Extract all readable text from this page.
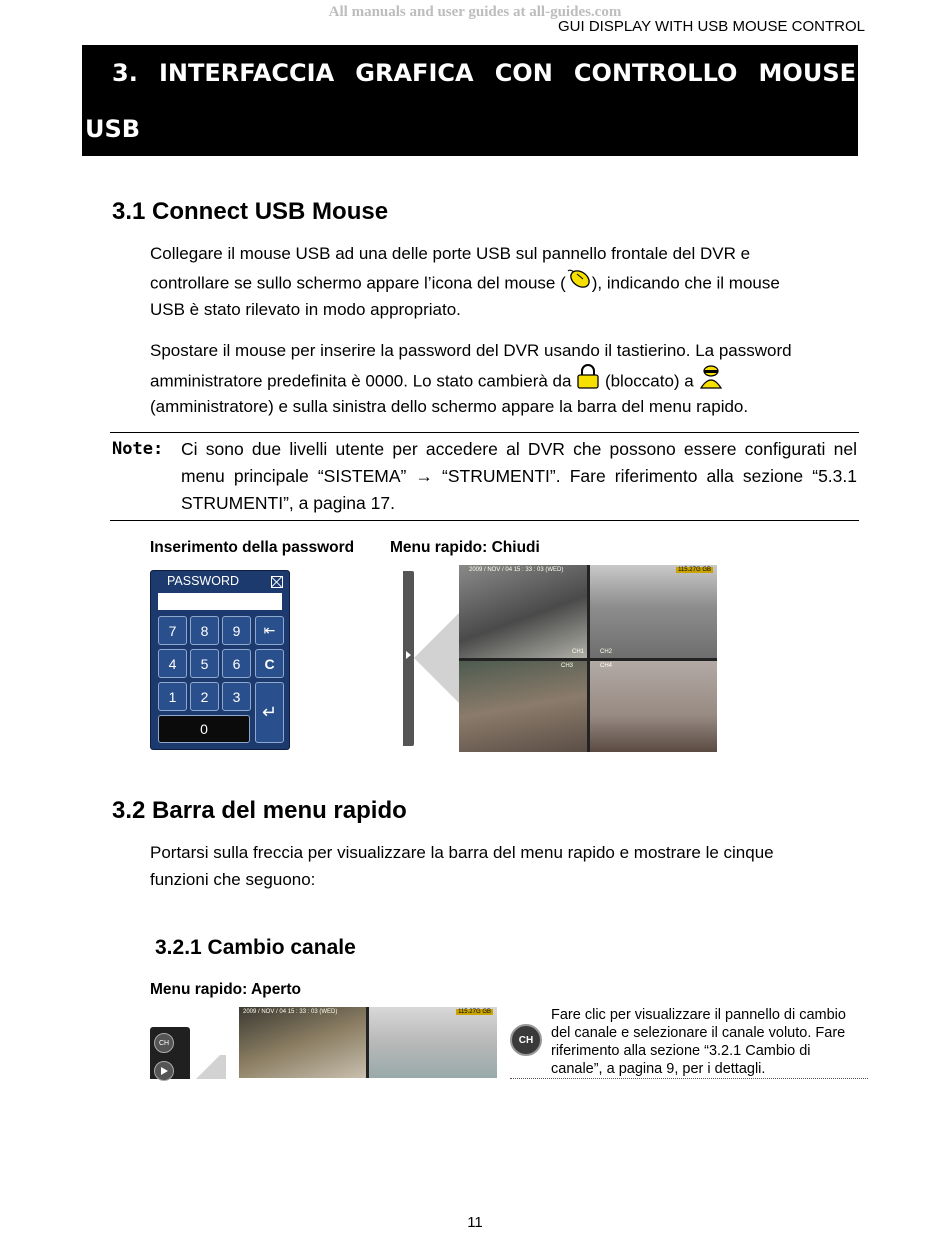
All manuals and user guides at all-guides.com
GUI DISPLAY WITH USB MOUSE CONTROL
3. INTERFACCIA GRAFICA CON CONTROLLO MOUSE
USB
3.1 Connect USB Mouse
Collegare il mouse USB ad una delle porte USB sul pannello frontale del DVR e
controllare se sullo schermo appare l’icona del mouse ( ), indicando che il mouse
USB è stato rilevato in modo appropriato.
Spostare il mouse per inserire la password del DVR usando il tastierino. La password
amministratore predefinita è 0000. Lo stato cambierà da (bloccato) a
(amministratore) e sulla sinistra dello schermo appare la barra del menu rapido.
Note: Ci sono due livelli utente per accedere al DVR che possono essere configurati nel menu principale “SISTEMA” → “STRUMENTI”. Fare riferimento alla sezione “5.3.1 STRUMENTI”, a pagina 17.
Inserimento della password Menu rapido: Chiudi
PASSWORD
7	8	9	⇤
4	5	6	C
1	2	3
0
↵
2009 / NOV / 04 15 : 33 : 03 (WED)
CH1
115.27G GB
CH2
CH3	CH4
3.2 Barra del menu rapido
Portarsi sulla freccia per visualizzare la barra del menu rapido e mostrare le cinque
funzioni che seguono:
3.2.1 Cambio canale
Menu rapido: Aperto
CH
2009 / NOV / 04 15 : 33 : 03 (WED)	115.27G GB
CH
Fare clic per visualizzare il pannello di cambio
del canale e selezionare il canale voluto. Fare
riferimento alla sezione “3.2.1 Cambio di
canale”, a pagina 9, per i dettagli.
11
